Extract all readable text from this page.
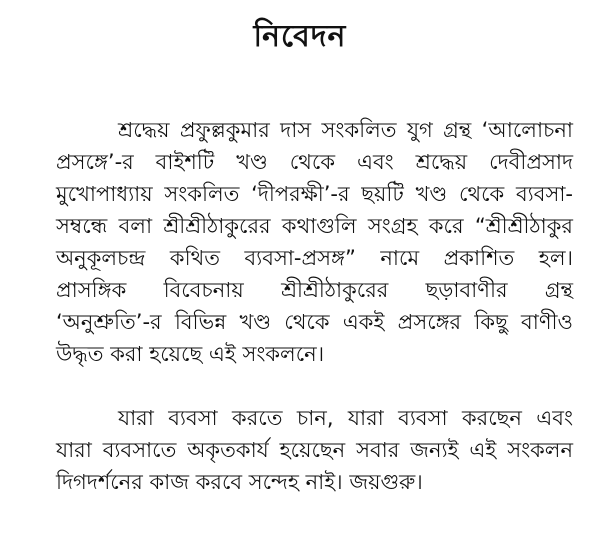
নিবেদন
শ্রদ্ধেয় প্রফুল্লকুমার দাস সংকলিত যুগ গ্রন্থ ‘আলোচনা
প্রসঙ্গে’-র বাইশটি খণ্ড থেকে এবং শ্রদ্ধেয় দেবীপ্রসাদ
মুখোপাধ্যায় সংকলিত ‘দীপরক্ষী’-র ছয়টি খণ্ড থেকে ব্যবসা-
সম্বন্ধে বলা শ্রীশ্রীঠাকুরের কথাগুলি সংগ্রহ করে “শ্রীশ্রীঠাকুর
অনুকূলচন্দ্র কথিত ব্যবসা-প্রসঙ্গ” নামে প্রকাশিত হল।
প্রাসঙ্গিক বিবেচনায় শ্রীশ্রীঠাকুরের ছড়াবাণীর গ্রন্থ
‘অনুশ্রুতি’-র বিভিন্ন খণ্ড থেকে একই প্রসঙ্গের কিছু বাণীও
উদ্ধৃত করা হয়েছে এই সংকলনে।
যারা ব্যবসা করতে চান, যারা ব্যবসা করছেন এবং
যারা ব্যবসাতে অকৃতকার্য হয়েছেন সবার জন্যই এই সংকলন
দিগদর্শনের কাজ করবে সন্দেহ নাই। জয়গুরু।
